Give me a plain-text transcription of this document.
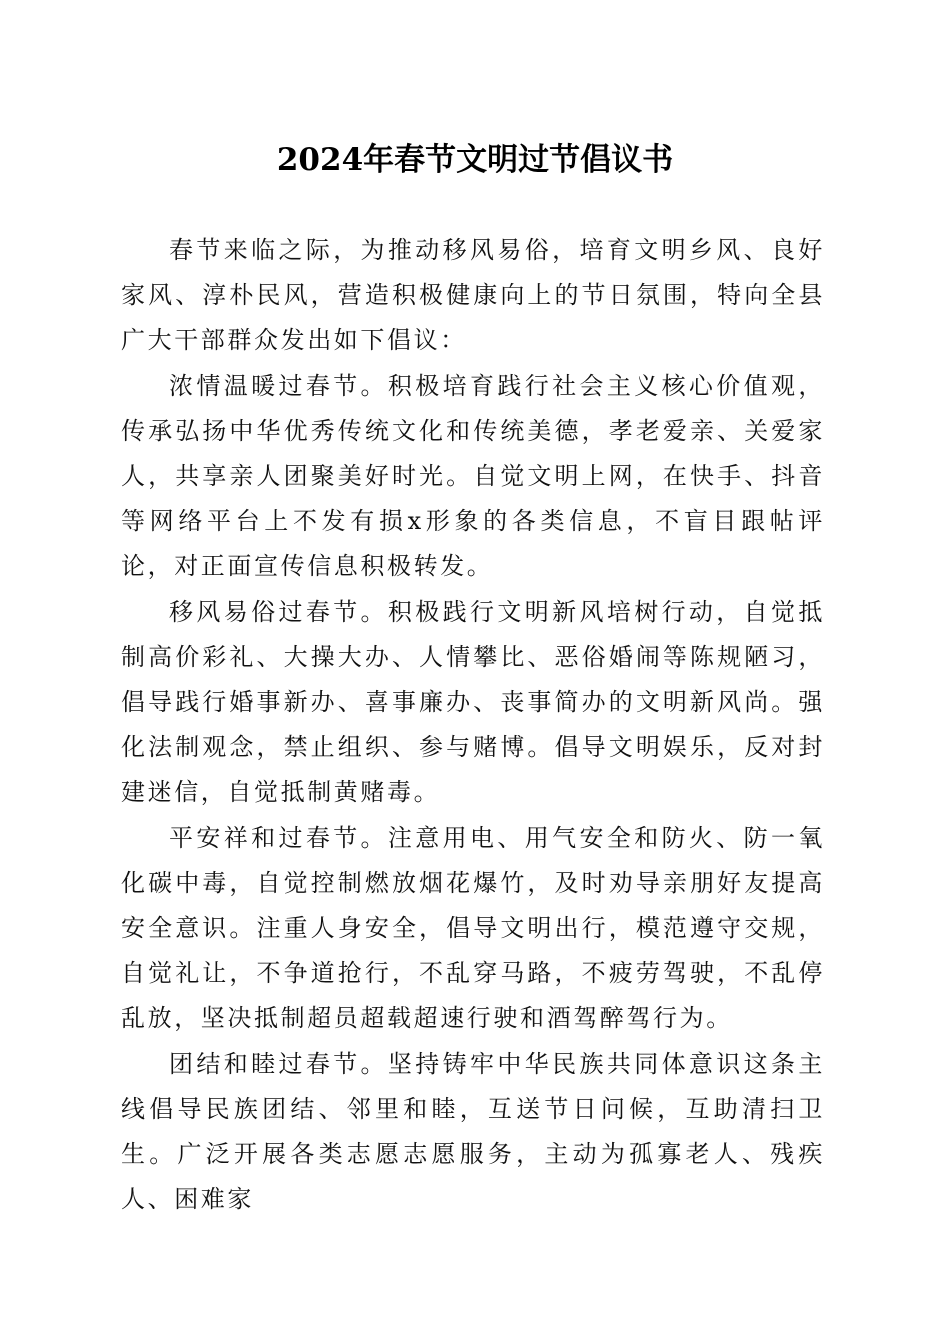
2024年春节文明过节倡议书

春节来临之际，为推动移风易俗，培育文明乡风、良好家风、淳朴民风，营造积极健康向上的节日氛围，特向全县广大干部群众发出如下倡议：

浓情温暖过春节。积极培育践行社会主义核心价值观，传承弘扬中华优秀传统文化和传统美德，孝老爱亲、关爱家人，共享亲人团聚美好时光。自觉文明上网，在快手、抖音等网络平台上不发有损x形象的各类信息，不盲目跟帖评论，对正面宣传信息积极转发。

移风易俗过春节。积极践行文明新风培树行动，自觉抵制高价彩礼、大操大办、人情攀比、恶俗婚闹等陈规陋习，倡导践行婚事新办、喜事廉办、丧事简办的文明新风尚。强化法制观念，禁止组织、参与赌博。倡导文明娱乐，反对封建迷信，自觉抵制黄赌毒。

平安祥和过春节。注意用电、用气安全和防火、防一氧化碳中毒，自觉控制燃放烟花爆竹，及时劝导亲朋好友提高安全意识。注重人身安全，倡导文明出行，模范遵守交规，自觉礼让，不争道抢行，不乱穿马路，不疲劳驾驶，不乱停乱放，坚决抵制超员超载超速行驶和酒驾醉驾行为。

团结和睦过春节。坚持铸牢中华民族共同体意识这条主线倡导民族团结、邻里和睦，互送节日问候，互助清扫卫生。广泛开展各类志愿志愿服务，主动为孤寡老人、残疾人、困难家
